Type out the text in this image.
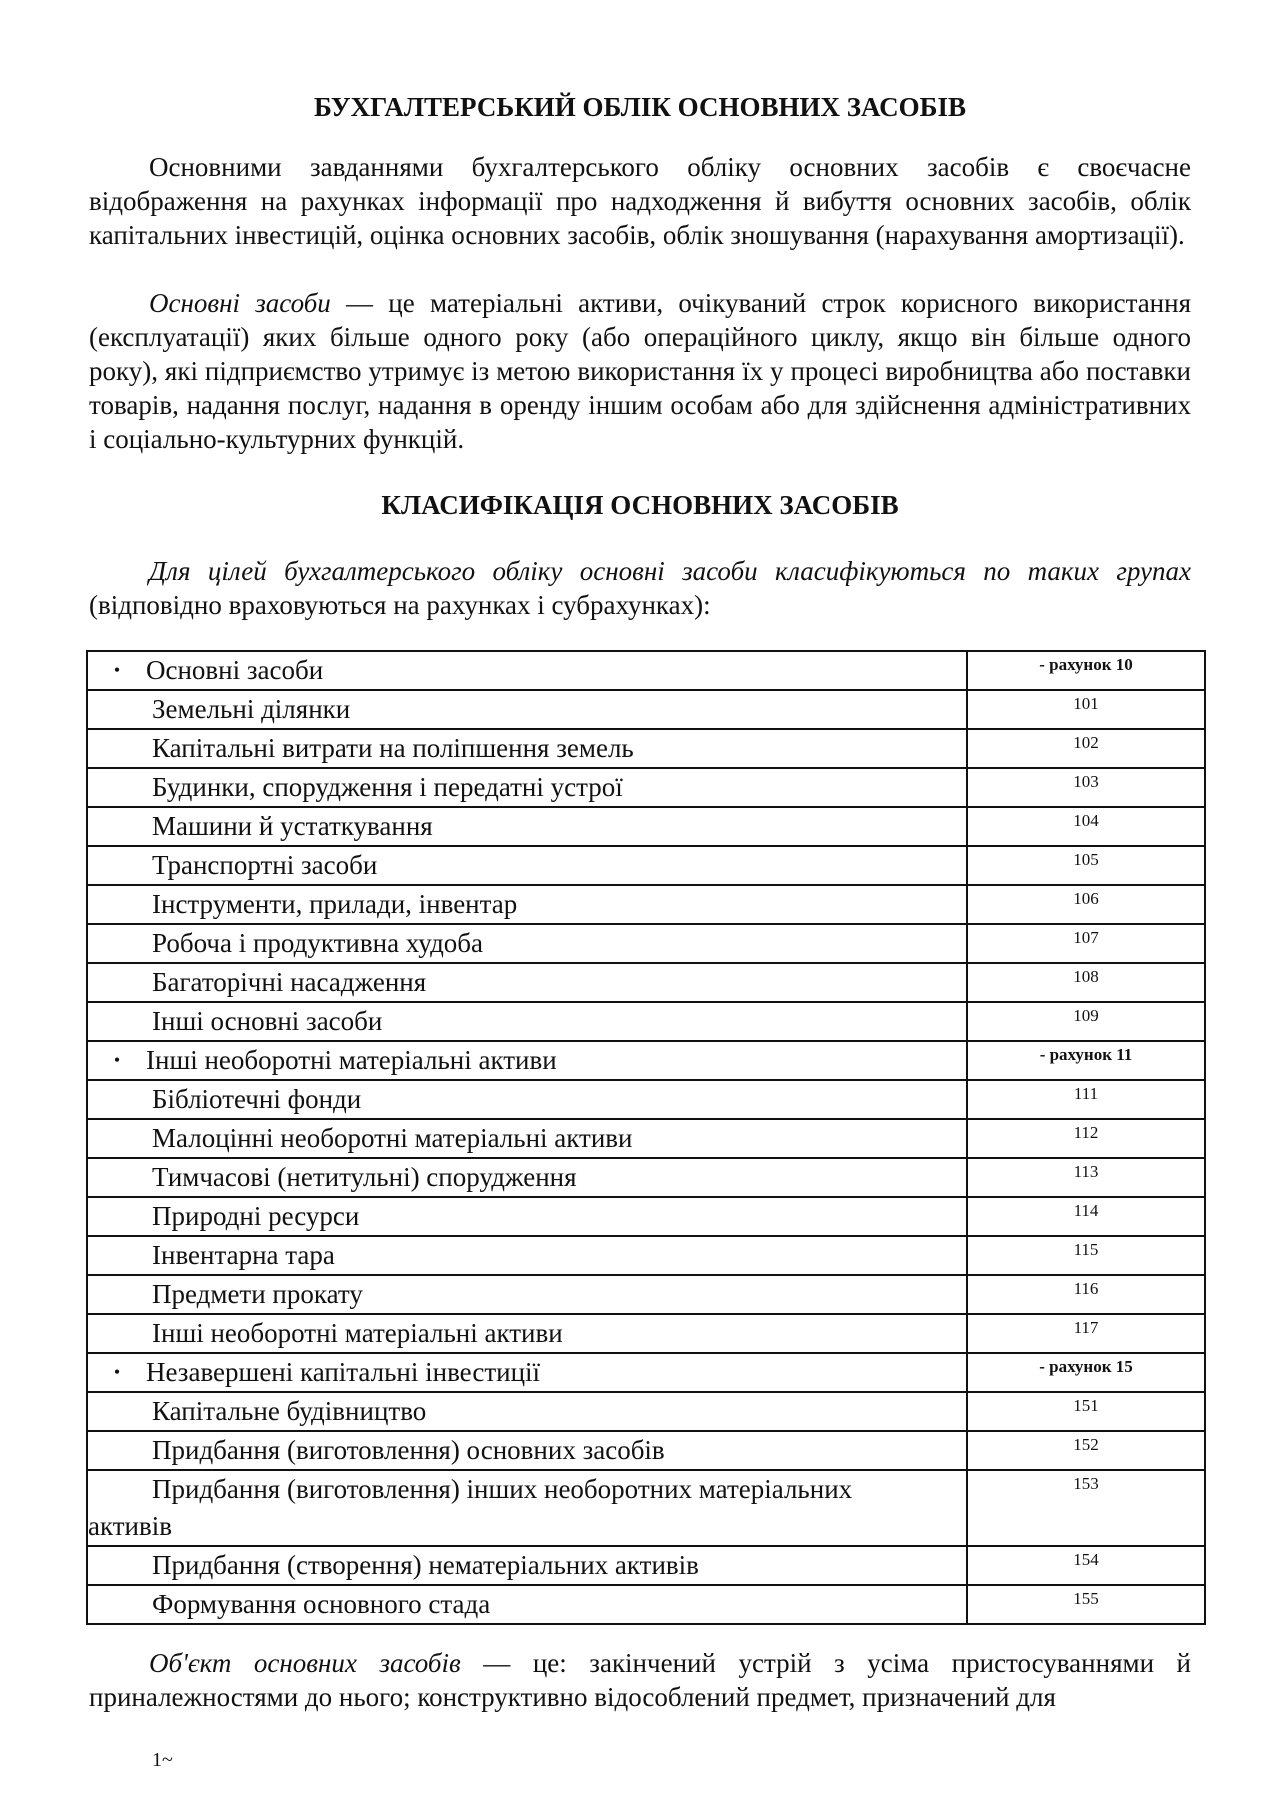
БУХГАЛТЕРСЬКИЙ ОБЛІК ОСНОВНИХ ЗАСОБІВ
Основними завданнями бухгалтерського обліку основних засобів є своєчасне відображення на рахунках інформації про надходження й вибуття основних засобів, облік капітальних інвестицій, оцінка основних засобів, облік зношування (нарахування амортизації).
Основні засоби — це матеріальні активи, очікуваний строк корисного використання (експлуатації) яких більше одного року (або операційного циклу, якщо він більше одного року), які підприємство утримує із метою використання їх у процесі виробництва або поставки товарів, надання послуг, надання в оренду іншим особам або для здійснення адміністративних і соціально-культурних функцій.
КЛАСИФІКАЦІЯ ОСНОВНИХ ЗАСОБІВ
Для цілей бухгалтерського обліку основні засоби класифікуються по таких групах (відповідно враховуються на рахунках і субрахунках):
• Основні засоби	- рахунок 10
Земельні ділянки	101
Капітальні витрати на поліпшення земель	102
Будинки, спорудження і передатні устрої	103
Машини й устаткування	104
Транспортні засоби	105
Інструменти, прилади, інвентар	106
Робоча і продуктивна худоба	107
Багаторічні насадження	108
Інші основні засоби	109
• Інші необоротні матеріальні активи	- рахунок 11
Бібліотечні фонди	111
Малоцінні необоротні матеріальні активи	112
Тимчасові (нетитульні) спорудження	113
Природні ресурси	114
Інвентарна тара	115
Предмети прокату	116
Інші необоротні матеріальні активи	117
• Незавершені капітальні інвестиції	- рахунок 15
Капітальне будівництво	151
Придбання (виготовлення) основних засобів	152
Придбання (виготовлення) інших необоротних матеріальних
активів	153
Придбання (створення) нематеріальних активів	154
Формування основного стада	155
Об'єкт основних засобів — це: закінчений устрій з усіма пристосуваннями й приналежностями до нього; конструктивно відособлений предмет, призначений для
1~
